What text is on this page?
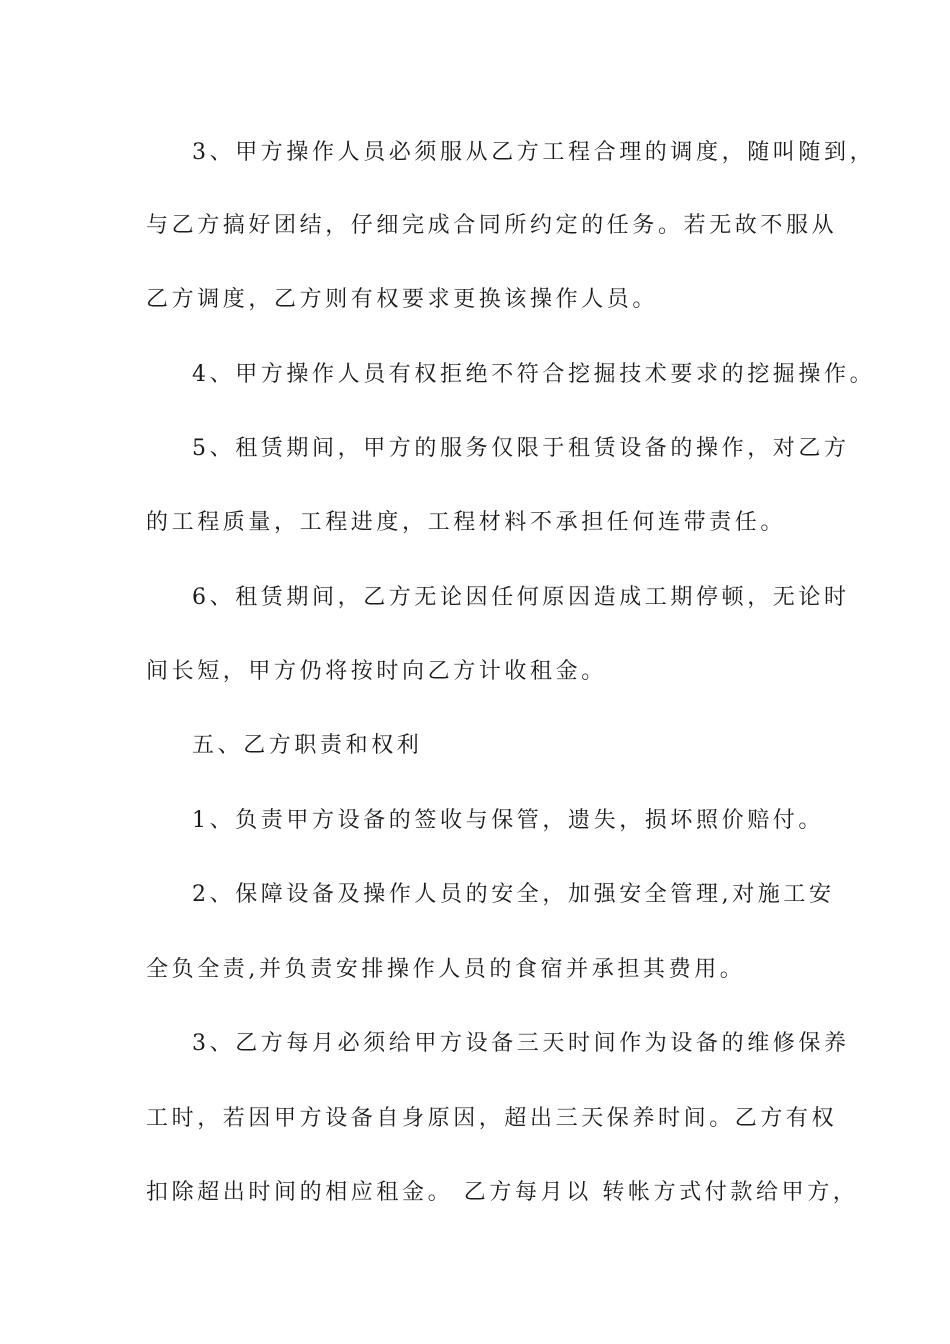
3、甲方操作人员必须服从乙方工程合理的调度，随叫随到，
与乙方搞好团结，仔细完成合同所约定的任务。若无故不服从
乙方调度，乙方则有权要求更换该操作人员。
4、甲方操作人员有权拒绝不符合挖掘技术要求的挖掘操作。
5、租赁期间，甲方的服务仅限于租赁设备的操作，对乙方
的工程质量，工程进度，工程材料不承担任何连带责任。
6、租赁期间，乙方无论因任何原因造成工期停顿，无论时
间长短，甲方仍将按时向乙方计收租金。
五、乙方职责和权利
1、负责甲方设备的签收与保管，遗失，损坏照价赔付。
2、保障设备及操作人员的安全，加强安全管理,对施工安
全负全责,并负责安排操作人员的食宿并承担其费用。
3、乙方每月必须给甲方设备三天时间作为设备的维修保养
工时，若因甲方设备自身原因，超出三天保养时间。乙方有权
扣除超出时间的相应租金。 乙方每月以 转帐方式付款给甲方，
